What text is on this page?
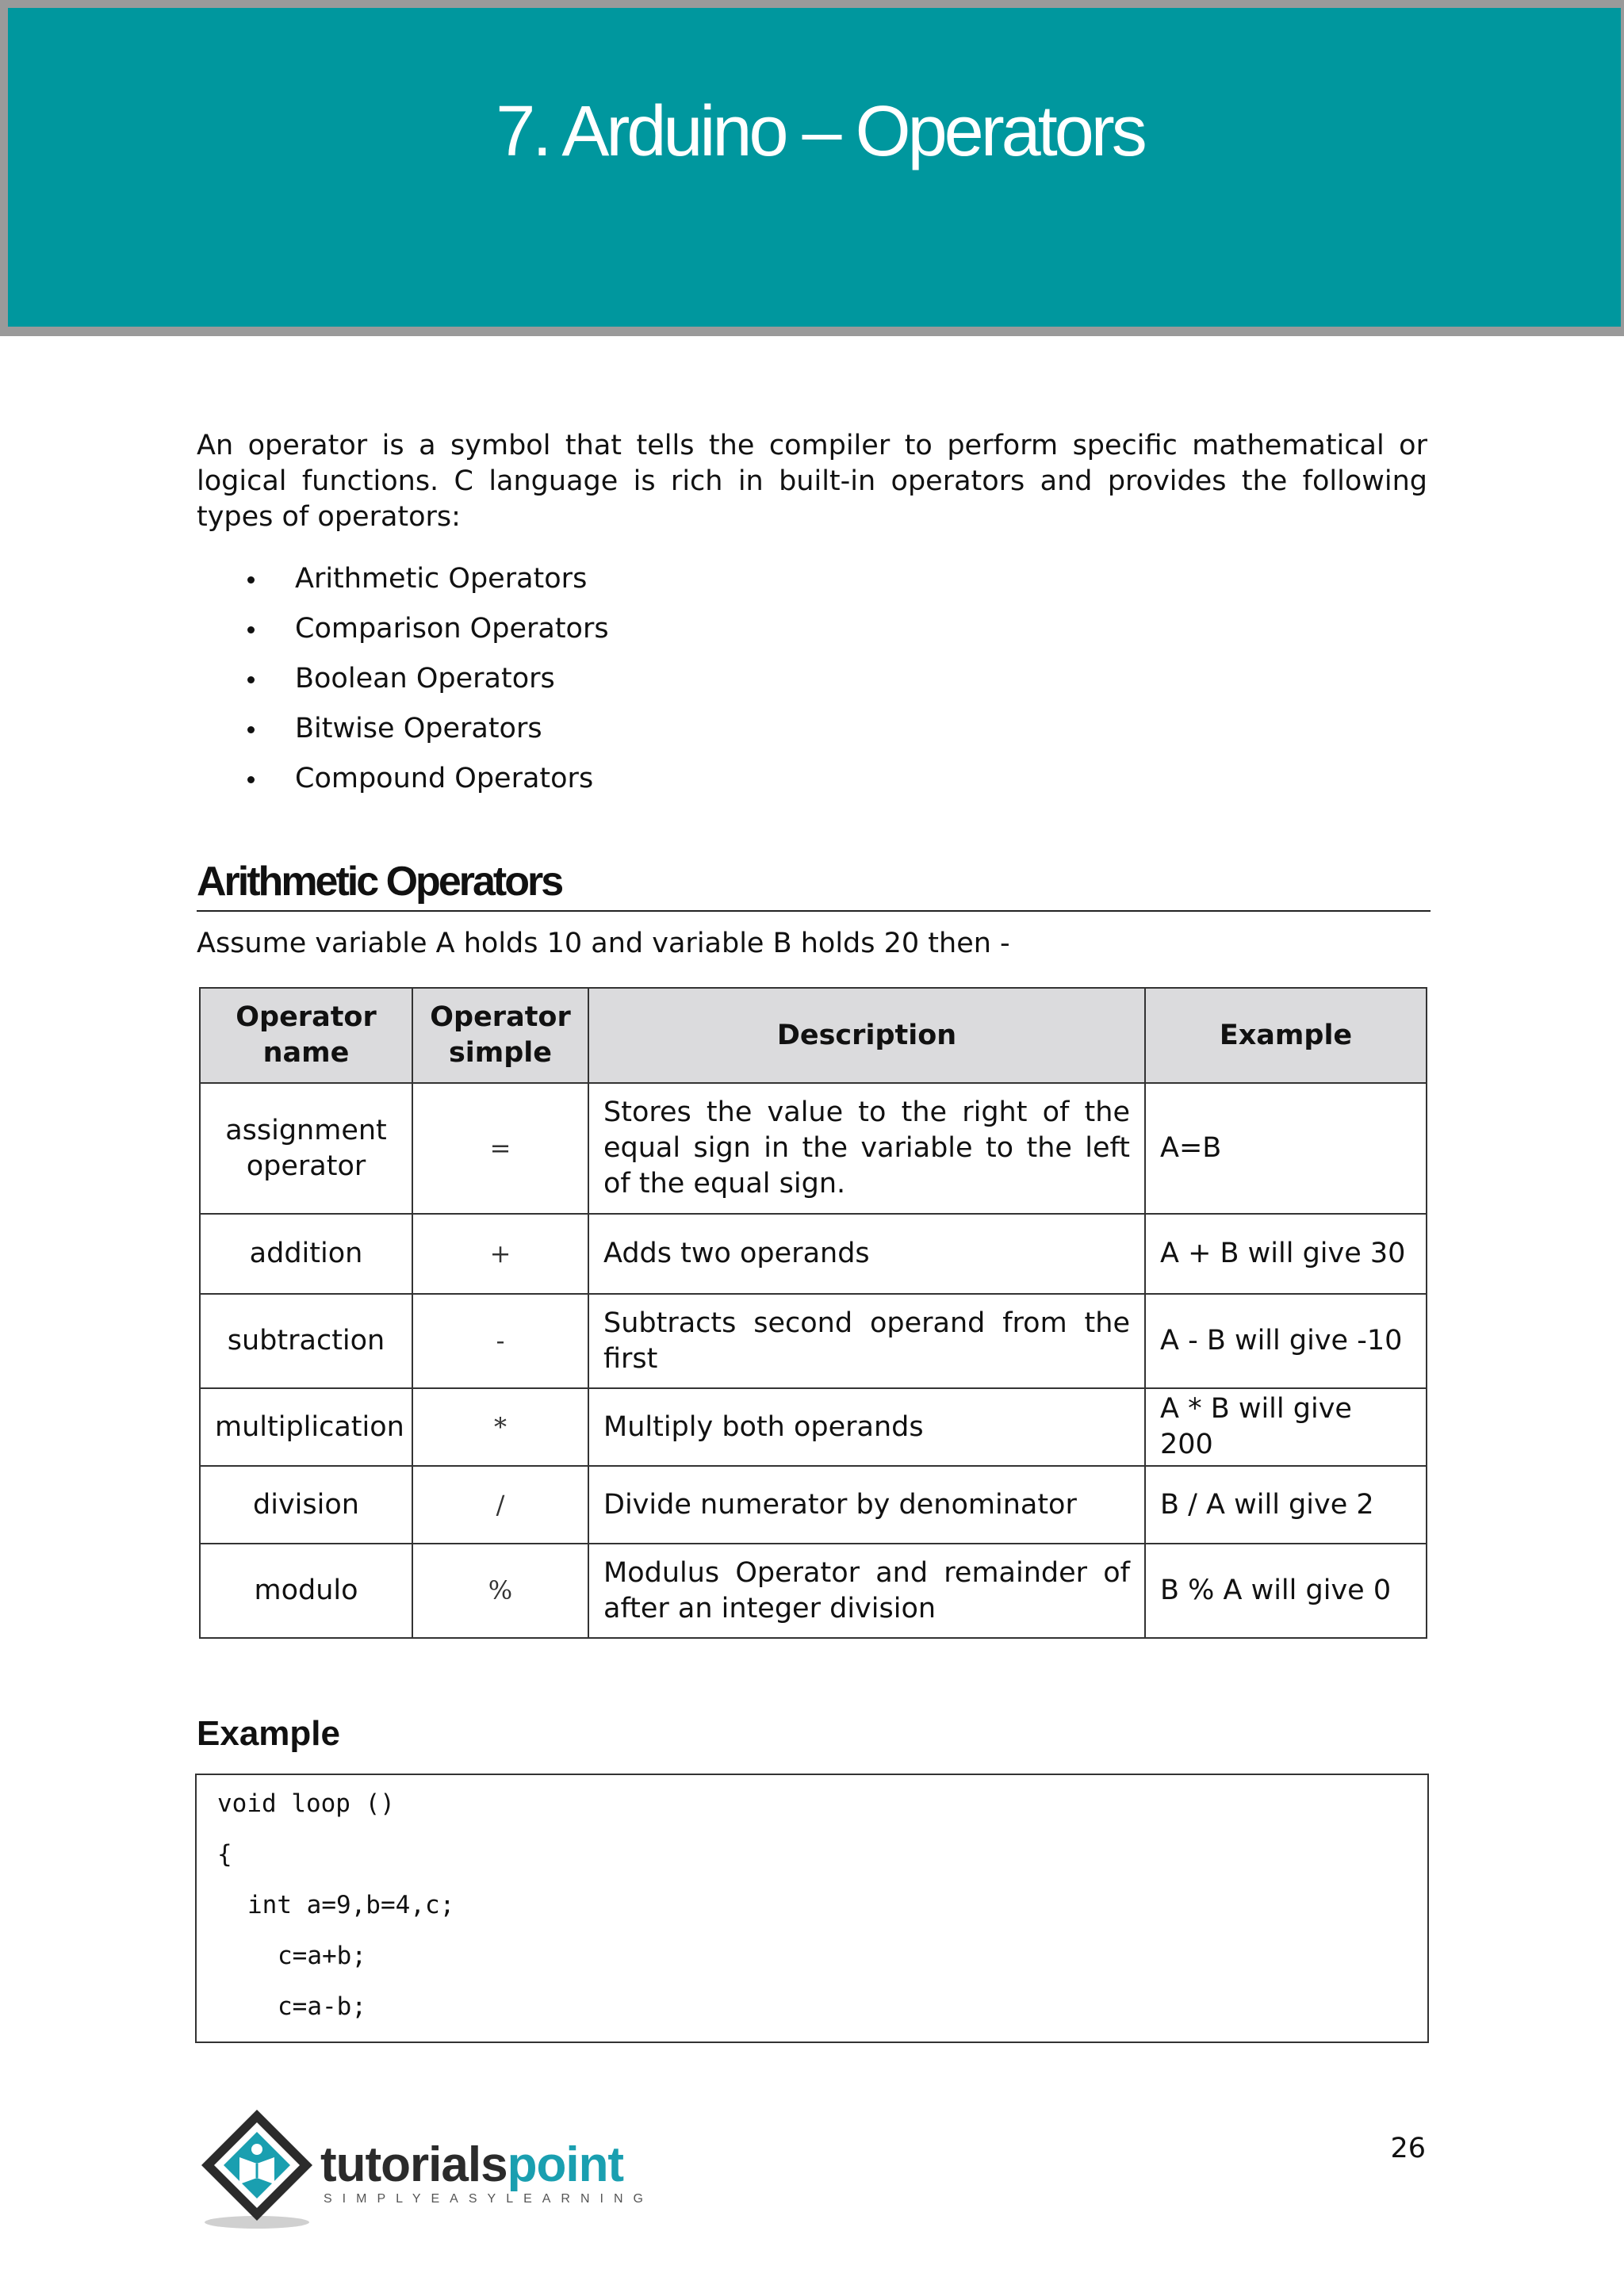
7. Arduino – Operators

An operator is a symbol that tells the compiler to perform specific mathematical or logical functions. C language is rich in built-in operators and provides the following types of operators:

Arithmetic Operators
Comparison Operators
Boolean Operators
Bitwise Operators
Compound Operators
Arithmetic Operators

Assume variable A holds 10 and variable B holds 20 then -

Operator name	Operator simple	Description	Example
assignment operator	=	Stores the value to the right of the equal sign in the variable to the left of the equal sign.	A=B
addition	+	Adds two operands	A + B will give 30
subtraction	-	Subtracts second operand from the first	A - B will give -10
multiplication	*	Multiply both operands	A * B will give 200
division	/	Divide numerator by denominator	B / A will give 2
modulo	%	Modulus Operator and remainder of after an integer division	B % A will give 0
Example
void loop ()
{
int a=9,b=4,c;
c=a+b;
c=a-b;
tutorialspoint
SIMPLYEASYLEARNING
26
